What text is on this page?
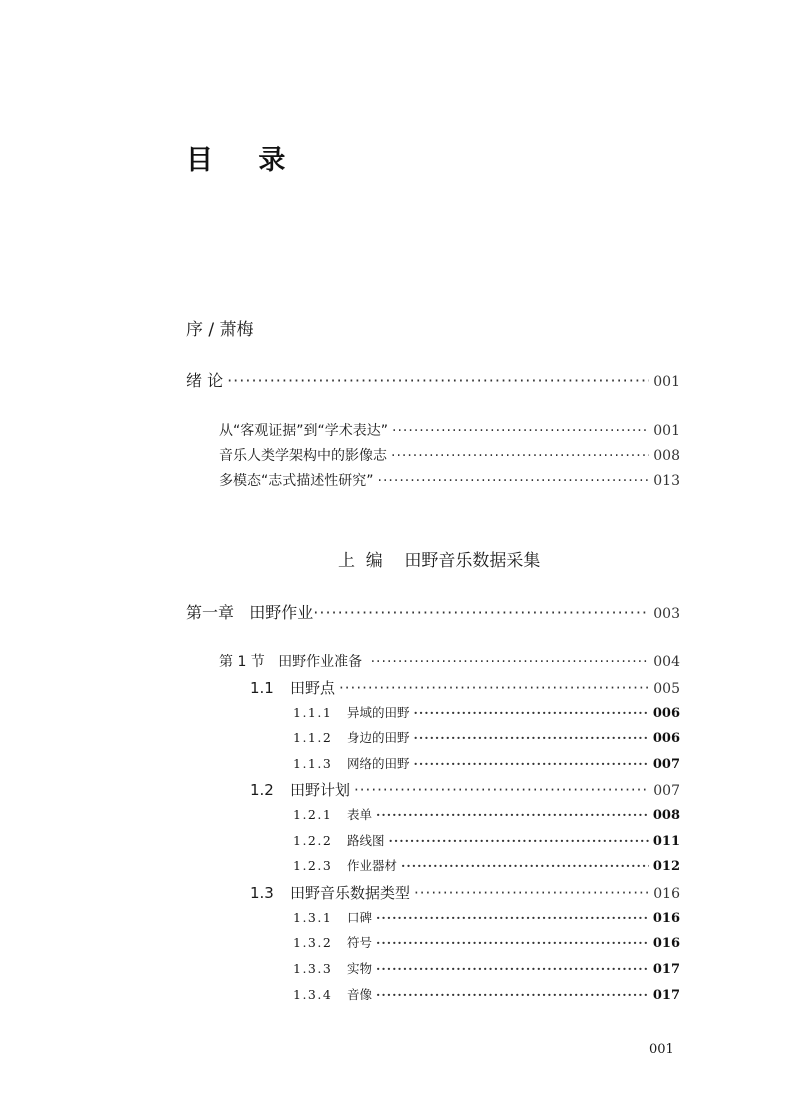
目 录
序 / 萧梅
绪 论 ·····	001
从“客观证据”到“学术表达” ·····	001
音乐人类学架构中的影像志 ·····	008
多模态“志式描述性研究” ·····	013
上  编    田野音乐数据采集
第一章   田野作业 ·····	003
第 1 节   田野作业准备 ·····	004
1.1 田野点 ·····	005
1.1.1 异域的田野 ·····	006
1.1.2 身边的田野 ·····	006
1.1.3 网络的田野 ·····	007
1.2 田野计划 ·····	007
1.2.1 表单 ·····	008
1.2.2 路线图 ·····	011
1.2.3 作业器材 ·····	012
1.3 田野音乐数据类型 ·····	016
1.3.1 口碑 ·····	016
1.3.2 符号 ·····	016
1.3.3 实物 ·····	017
1.3.4 音像 ·····	017
001
